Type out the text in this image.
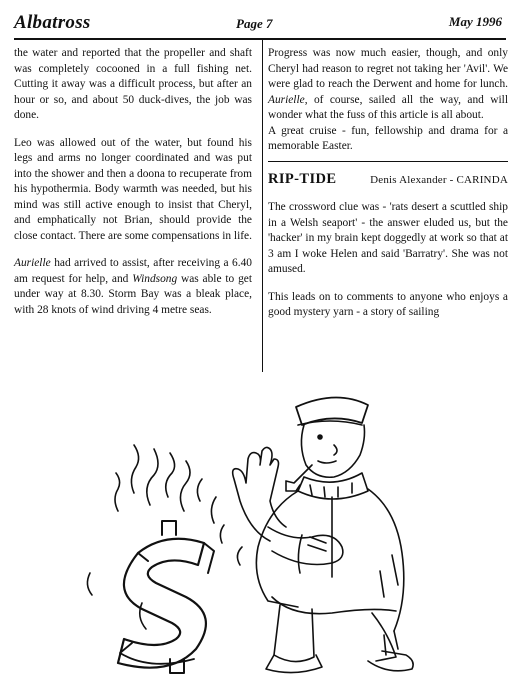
Albatross	Page 7	May 1996

the water and reported that the propeller and shaft was completely cocooned in a full fishing net. Cutting it away was a difficult process, but after an hour or so, and about 50 duck-dives, the job was done.

Leo was allowed out of the water, but found his legs and arms no longer coordinated and was put into the shower and then a doona to recuperate from his hypothermia. Body warmth was needed, but his mind was still active enough to insist that Cheryl, and emphatically not Brian, should provide the close contact. There are some compensations in life.

Aurielle had arrived to assist, after receiving a 6.40 am request for help, and Windsong was able to get under way at 8.30. Storm Bay was a bleak place, with 28 knots of wind driving 4 metre seas.

Progress was now much easier, though, and only Cheryl had reason to regret not taking her 'Avil'. We were glad to reach the Derwent and home for lunch. Aurielle, of course, sailed all the way, and will wonder what the fuss of this article is all about.

A great cruise - fun, fellowship and drama for a memorable Easter.

RIP-TIDE	Denis Alexander - CARINDA

The crossword clue was - 'rats desert a scuttled ship in a Welsh seaport' - the answer eluded us, but the 'hacker' in my brain kept doggedly at work so that at 3 am I woke Helen and said 'Barratry'. She was not amused.

This leads on to comments to anyone who enjoys a good mystery yarn - a story of sailing
